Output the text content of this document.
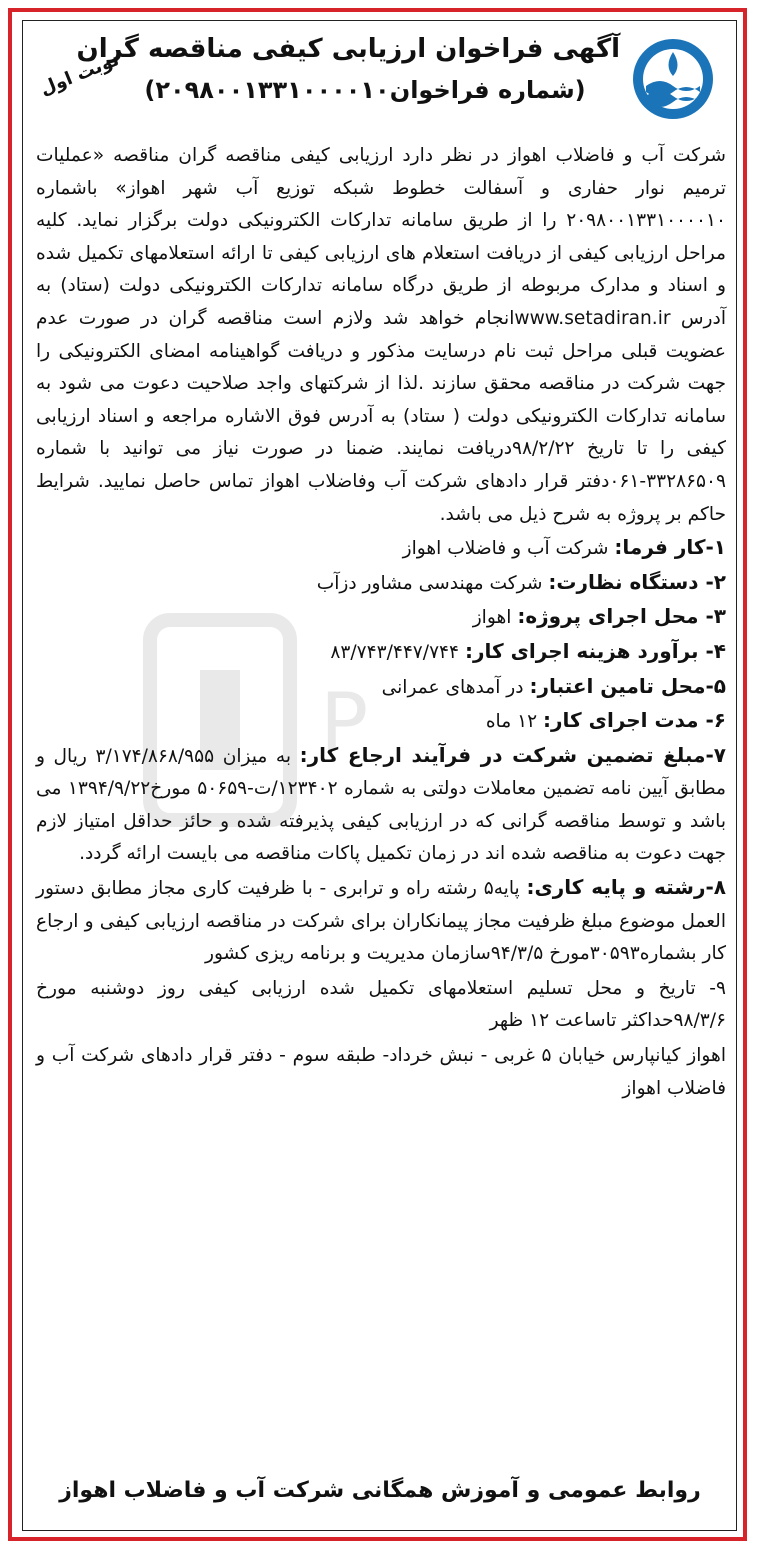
آگهی فراخوان ارزیابی کیفی مناقصه گران
(شماره فراخوان۲۰۹۸۰۰۱۳۳۱۰۰۰۰۱۰)
نوبت اول
P

شرکت آب و فاضلاب اهواز در نظر دارد ارزیابی کیفی مناقصه گران مناقصه «عملیات ترمیم نوار حفاری و آسفالت خطوط شبکه توزیع آب شهر اهواز» باشماره ۲۰۹۸۰۰۱۳۳۱۰۰۰۰۱۰ را از طریق سامانه تدارکات الکترونیکی دولت برگزار نماید. کلیه مراحل ارزیابی کیفی از دریافت استعلام های ارزیابی کیفی تا ارائه استعلامهای تکمیل شده و اسناد و مدارک مربوطه از طریق درگاه سامانه تدارکات الکترونیکی دولت (ستاد) به آدرس www.setadiran.irانجام خواهد شد ولازم است مناقصه گران در صورت عدم عضویت قبلی مراحل ثبت نام درسایت مذکور و دریافت گواهینامه امضای الکترونیکی را جهت شرکت در مناقصه محقق سازند .لذا از شرکتهای واجد صلاحیت دعوت می شود به سامانه تدارکات الکترونیکی دولت ( ستاد) به آدرس فوق الاشاره مراجعه و اسناد ارزیابی کیفی را تا تاریخ ۹۸/۲/۲۲دریافت نمایند. ضمنا در صورت نیاز می توانید با شماره ۳۳۲۸۶۵۰۹-۰۶۱دفتر قرار دادهای شرکت آب وفاضلاب اهواز تماس حاصل نمایید. شرایط حاکم بر پروژه به شرح ذیل می باشد.

۱-کار فرما: شرکت آب و فاضلاب اهواز

۲- دستگاه نظارت: شرکت مهندسی مشاور دزآب

۳- محل اجرای پروژه: اهواز

۴- برآورد هزینه اجرای کار: ۸۳/۷۴۳/۴۴۷/۷۴۴

۵-محل تامین اعتبار: در آمدهای عمرانی

۶- مدت اجرای کار: ۱۲ ماه

۷-مبلغ تضمین شرکت در فرآیند ارجاع کار: به میزان ۳/۱۷۴/۸۶۸/۹۵۵ ریال و مطابق آیین نامه تضمین معاملات دولتی به شماره ۱۲۳۴۰۲/ت-۵۰۶۵۹ مورخ۱۳۹۴/۹/۲۲ می باشد و توسط مناقصه گرانی که در ارزیابی کیفی پذیرفته شده و حائز حداقل امتیاز لازم جهت دعوت به مناقصه شده اند در زمان تکمیل پاکات مناقصه می بایست ارائه گردد.

۸-رشته و پایه کاری: پایه۵ رشته راه و ترابری - با ظرفیت کاری مجاز مطابق دستور العمل موضوع مبلغ ظرفیت مجاز پیمانکاران برای شرکت در مناقصه ارزیابی کیفی و ارجاع کار بشماره۳۰۵۹۳مورخ ۹۴/۳/۵سازمان مدیریت و برنامه ریزی کشور

۹- تاریخ و محل تسلیم استعلامهای تکمیل شده ارزیابی کیفی روز دوشنبه مورخ ۹۸/۳/۶حداکثر تاساعت ۱۲ ظهر

اهواز کیانپارس خیابان ۵ غربی - نبش خرداد- طبقه سوم - دفتر قرار دادهای شرکت آب و فاضلاب اهواز

روابط عمومی و آموزش همگانی شرکت آب و فاضلاب اهواز
